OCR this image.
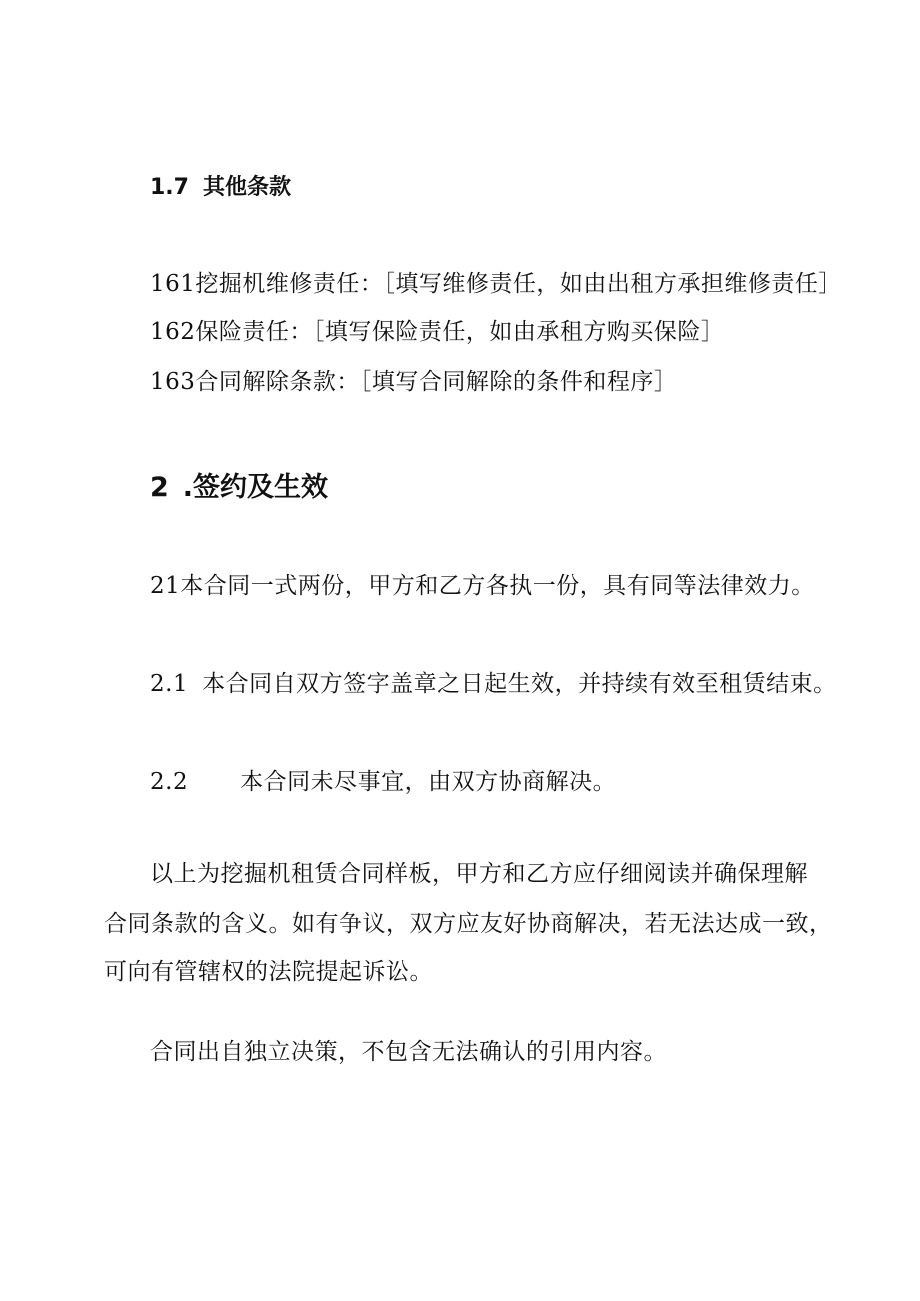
1.7 其他条款
161挖掘机维修责任：［填写维修责任，如由出租方承担维修责任］
162保险责任：［填写保险责任，如由承租方购买保险］
163合同解除条款：［填写合同解除的条件和程序］
2 .签约及生效
21本合同一式两份，甲方和乙方各执一份，具有同等法律效力。
2.1 本合同自双方签字盖章之日起生效，并持续有效至租赁结束。
2.2 本合同未尽事宜，由双方协商解决。
以上为挖掘机租赁合同样板，甲方和乙方应仔细阅读并确保理解
合同条款的含义。如有争议，双方应友好协商解决，若无法达成一致，
可向有管辖权的法院提起诉讼。
合同出自独立决策，不包含无法确认的引用内容。
